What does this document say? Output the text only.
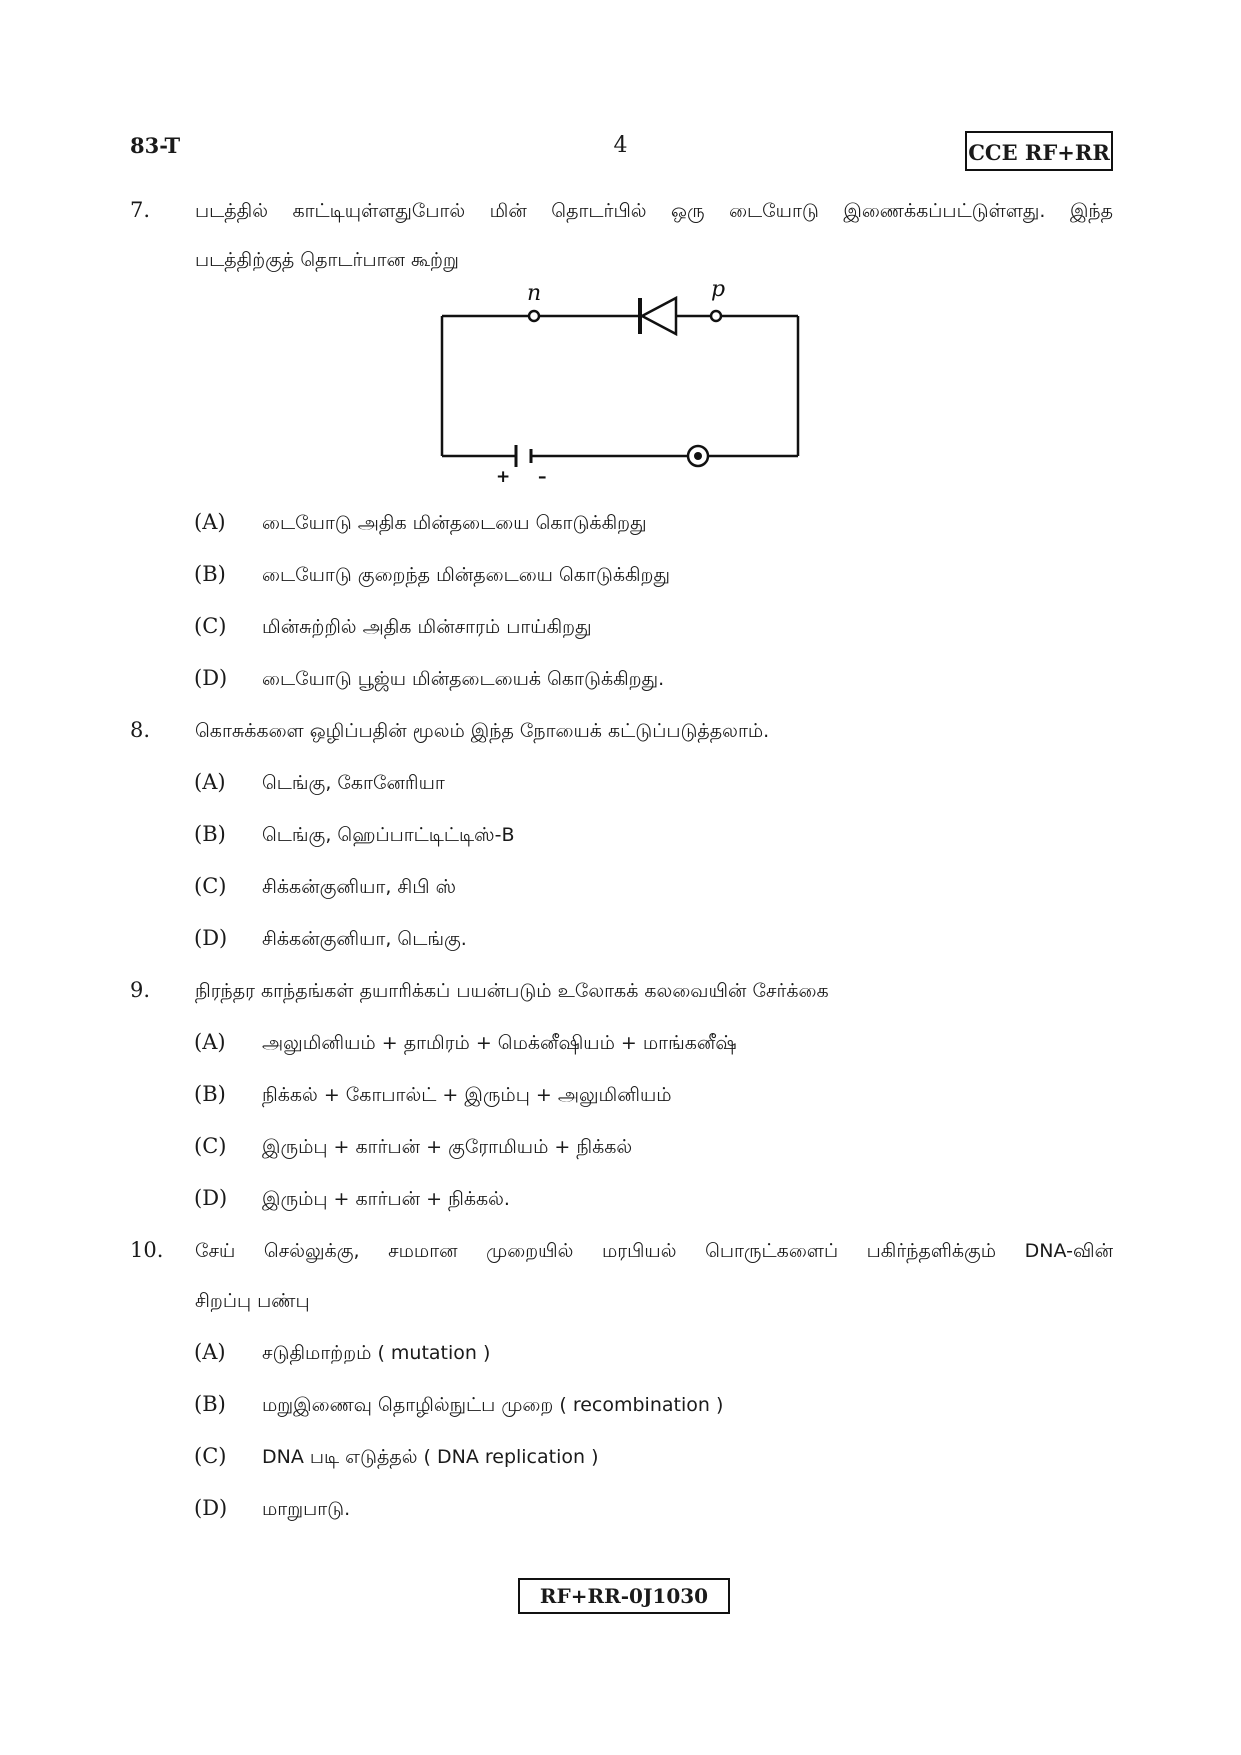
83-T	4	CCE RF+RR
7. படத்தில் காட்டியுள்ளதுபோல் மின் தொடர்பில் ஒரு டையோடு இணைக்கப்பட்டுள்ளது. இந்த
படத்திற்குத் தொடர்பான கூற்று
n	p
+ –
(A) டையோடு அதிக மின்தடையை கொடுக்கிறது
(B) டையோடு குறைந்த மின்தடையை கொடுக்கிறது
(C) மின்சுற்றில் அதிக மின்சாரம் பாய்கிறது
(D) டையோடு பூஜ்ய மின்தடையைக் கொடுக்கிறது.
8. கொசுக்களை ஒழிப்பதின் மூலம் இந்த நோயைக் கட்டுப்படுத்தலாம்.
(A) டெங்கு, கோனேரியா
(B) டெங்கு, ஹெப்பாட்டிட்டிஸ்-B
(C) சிக்கன்குனியா, சிபி ஸ்
(D) சிக்கன்குனியா, டெங்கு.
9. நிரந்தர காந்தங்கள் தயாரிக்கப் பயன்படும் உலோகக் கலவையின் சேர்க்கை
(A) அலுமினியம் + தாமிரம் + மெக்னீஷியம் + மாங்கனீஷ்
(B) நிக்கல் + கோபால்ட் + இரும்பு + அலுமினியம்
(C) இரும்பு + கார்பன் + குரோமியம் + நிக்கல்
(D) இரும்பு + கார்பன் + நிக்கல்.
10. சேய் செல்லுக்கு, சமமான முறையில் மரபியல் பொருட்களைப் பகிர்ந்தளிக்கும் DNA-வின்
சிறப்பு பண்பு
(A) சடுதிமாற்றம் ( mutation )
(B) மறுஇணைவு தொழில்நுட்ப முறை ( recombination )
(C) DNA படி எடுத்தல் ( DNA replication )
(D) மாறுபாடு.
RF+RR-0J1030
